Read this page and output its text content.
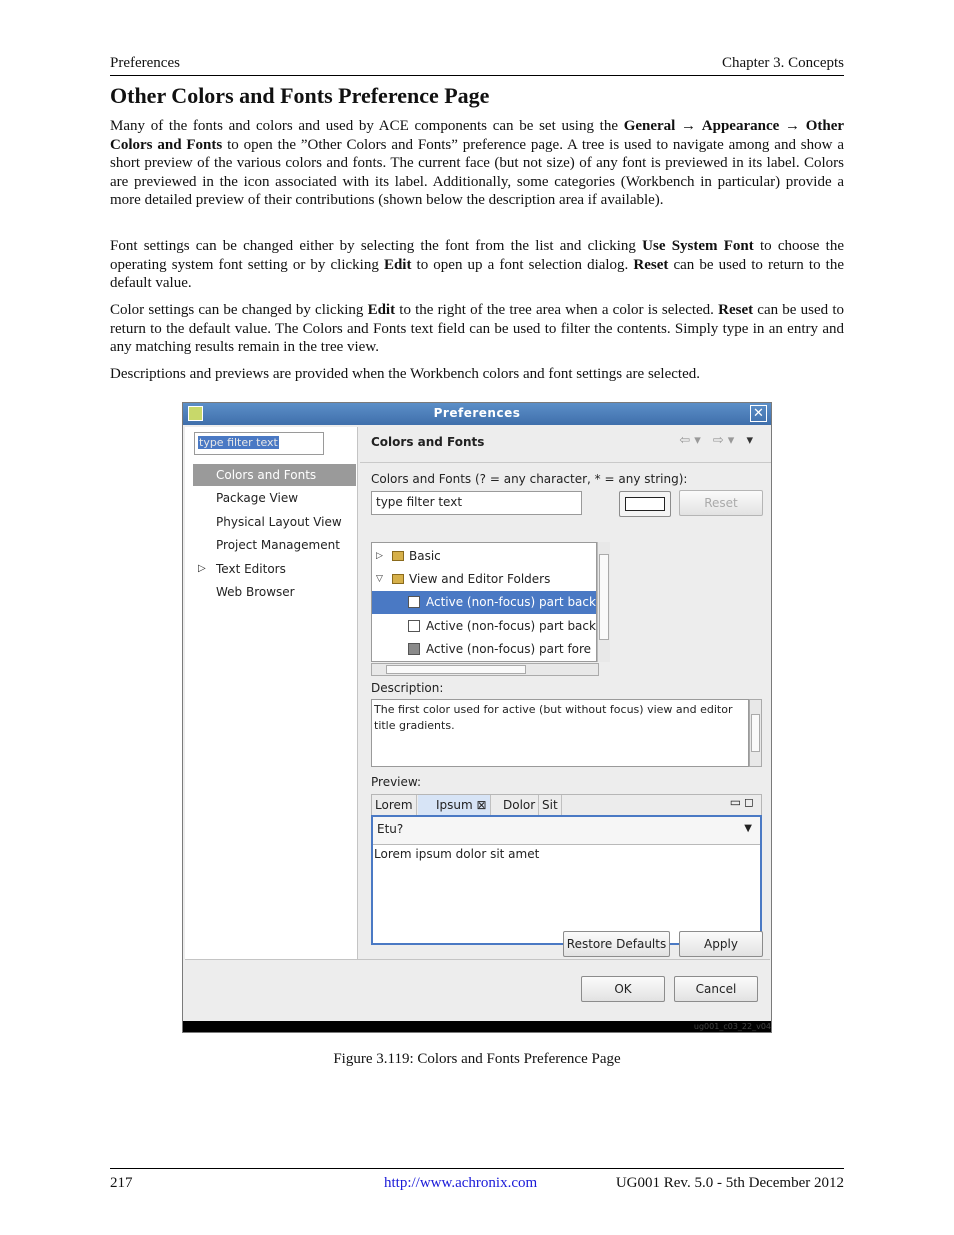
Preferences	Chapter 3. Concepts
Other Colors and Fonts Preference Page

Many of the fonts and colors and used by ACE components can be set using the General → Appearance → Other Colors and Fonts to open the ”Other Colors and Fonts” preference page. A tree is used to navigate among and show a short preview of the various colors and fonts. The current face (but not size) of any font is previewed in its label. Colors are previewed in the icon associated with its label. Additionally, some categories (Workbench in particular) provide a more detailed preview of their contributions (shown below the description area if available).

Font settings can be changed either by selecting the font from the list and clicking Use System Font to choose the operating system font setting or by clicking Edit to open up a font selection dialog. Reset can be used to return to the default value.

Color settings can be changed by clicking Edit to the right of the tree area when a color is selected. Reset can be used to return to the default value. The Colors and Fonts text field can be used to filter the contents. Simply type in an entry and any matching results remain in the tree view.

Descriptions and previews are provided when the Workbench colors and font settings are selected.

Preferences	✕
type filter text
Colors and Fonts
Package View
Physical Layout View
Project Management
▷ Text Editors
Web Browser
Colors and Fonts	⇦▾ ⇨▾ ▾
Colors and Fonts (? = any character, * = any string):
type filter text	Reset
▷ Basic
▽ View and Editor Folders
Active (non-focus) part back
Active (non-focus) part back
Active (non-focus) part fore
Description:
The first color used for active (but without focus) view and editor title gradients.
Preview:
Lorem	Ipsum ⊠	Dolor Sit	▭◻
Etu?	▼
Lorem ipsum dolor sit amet
Restore Defaults	Apply
OK	Cancel
ug001_c03_22_v04
Figure 3.119: Colors and Fonts Preference Page
217	http://www.achronix.com	UG001 Rev. 5.0 - 5th December 2012
